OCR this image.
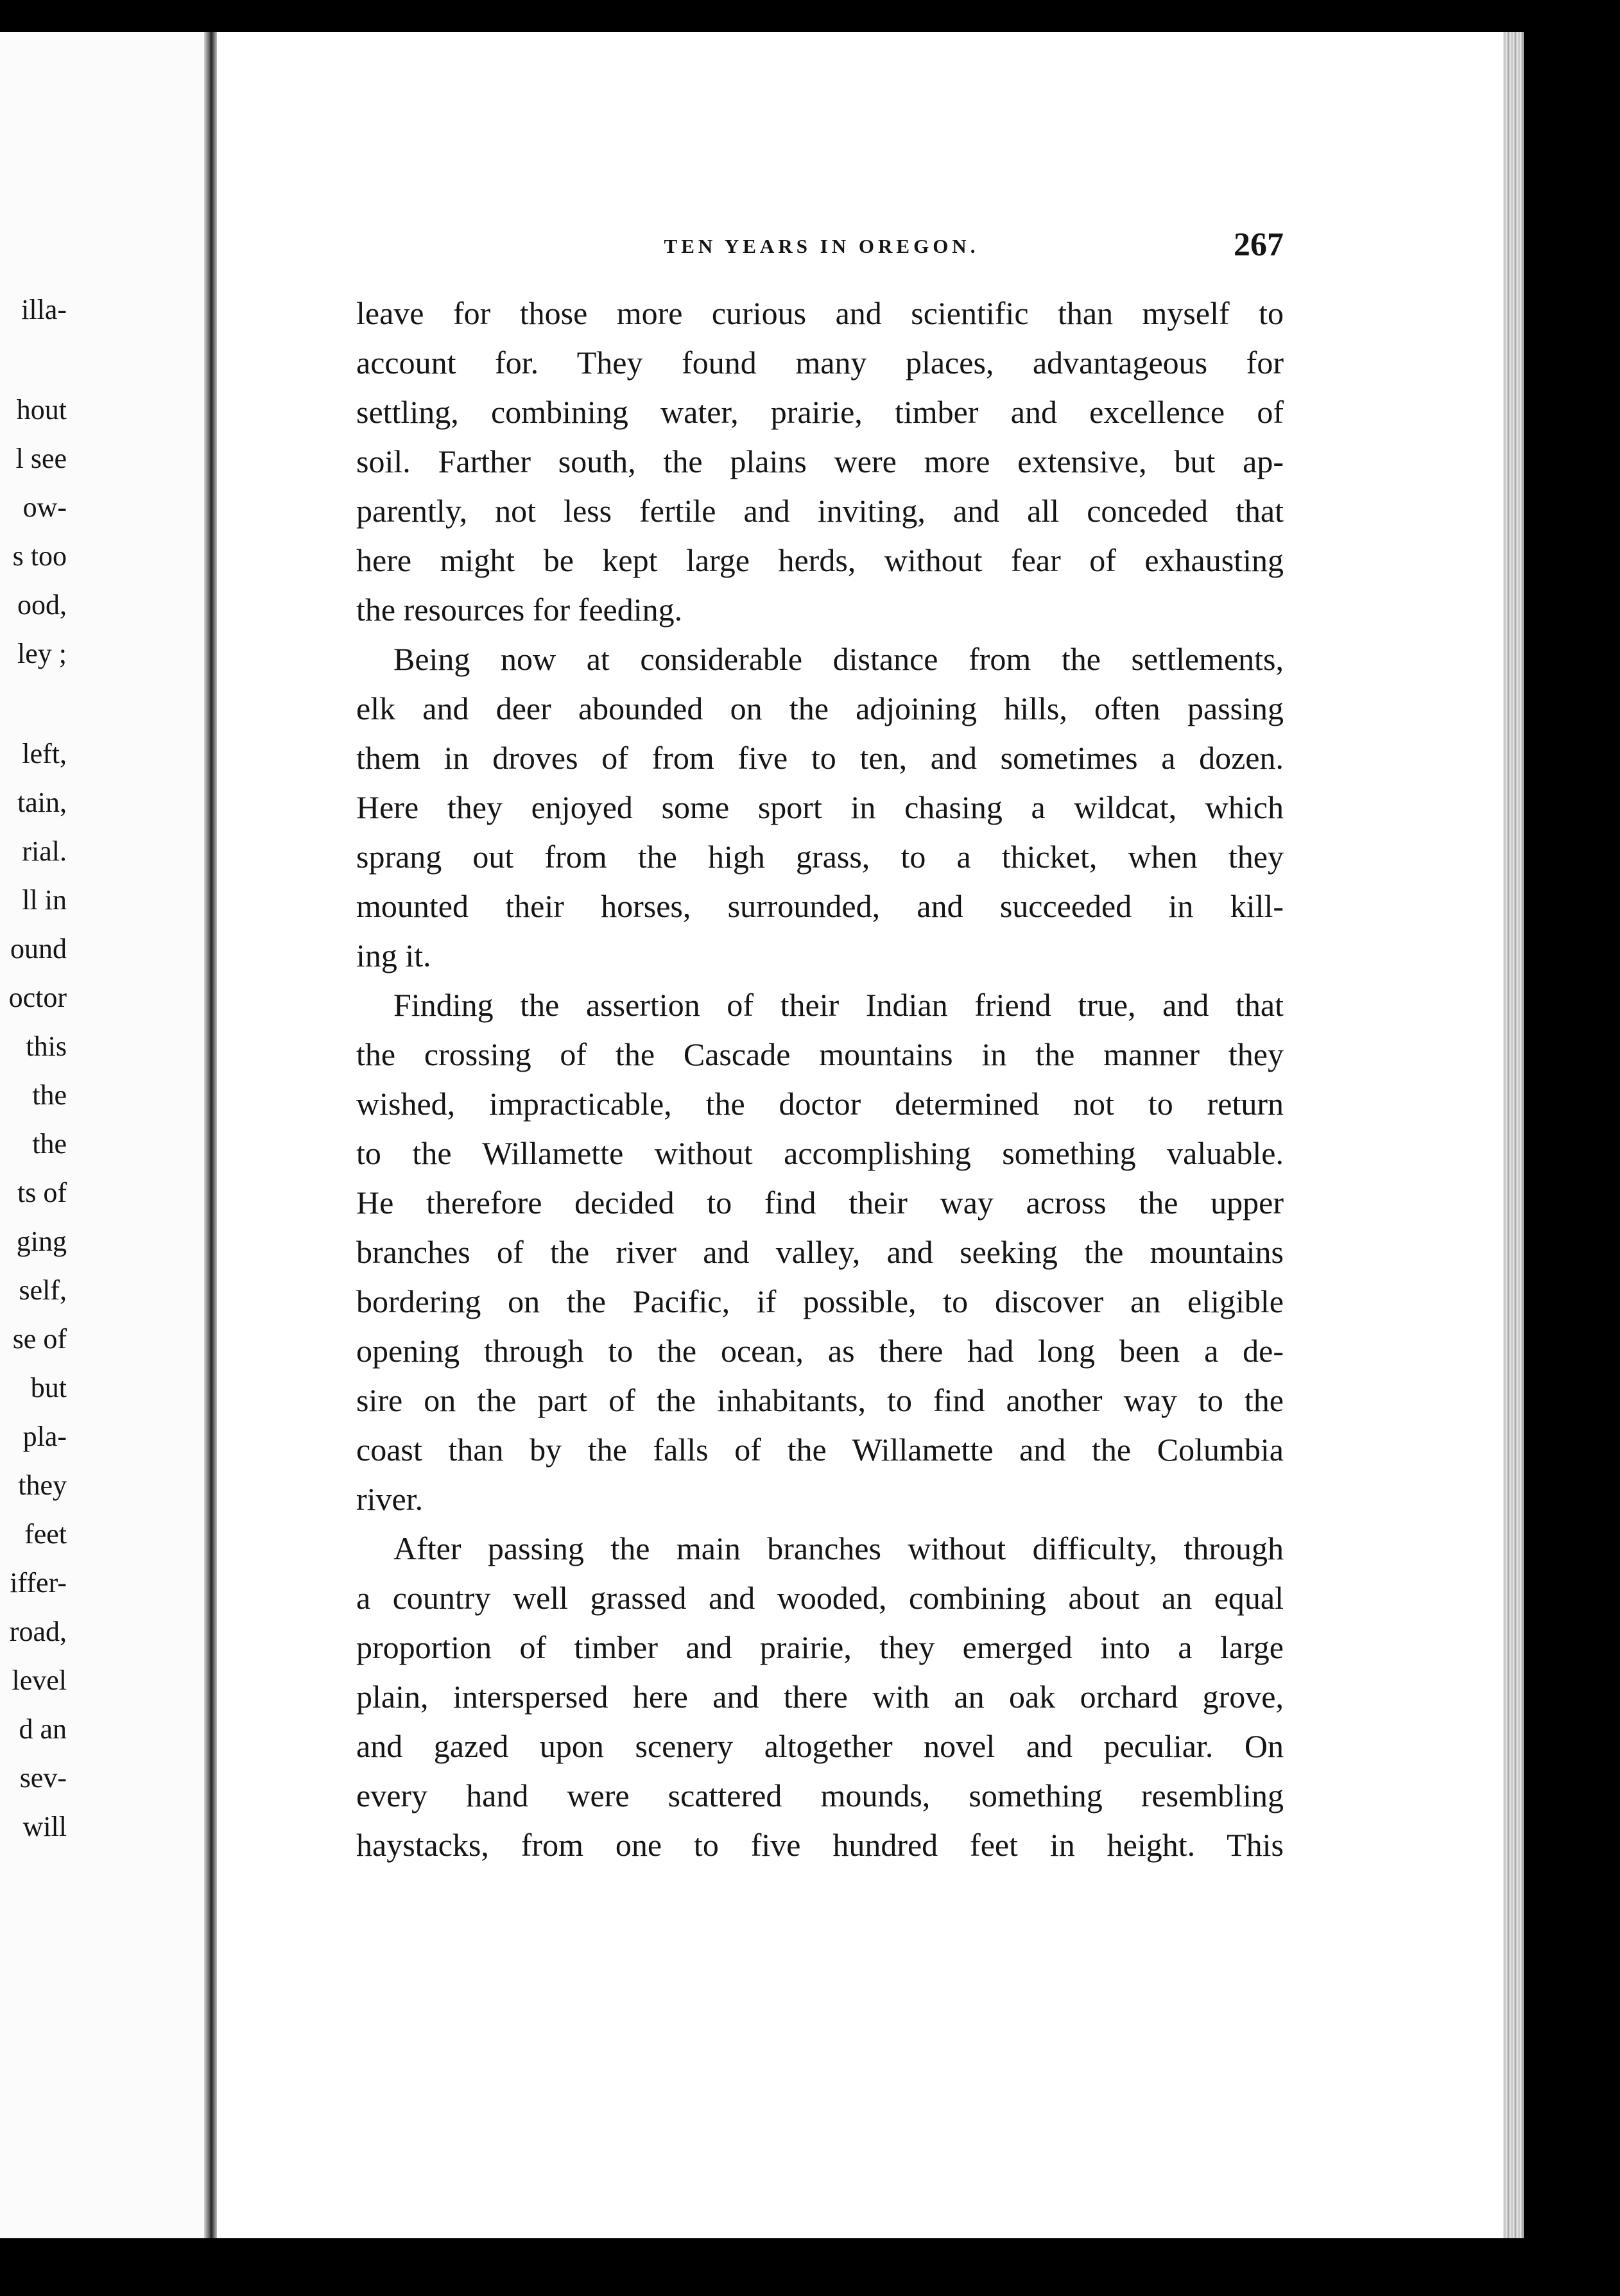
illa-
hout
l see
ow-
s too
ood,
ley ;
left,
tain,
rial.
ll in
ound
octor
this
the
the
ts of
ging
self,
se of
but
pla-
they
feet
iffer-
road,
level
d an
sev-
will
TEN YEARS IN OREGON.	267
leave for those more curious and scientific than myself to
account for. They found many places, advantageous for
settling, combining water, prairie, timber and excellence of
soil. Farther south, the plains were more extensive, but ap-
parently, not less fertile and inviting, and all conceded that
here might be kept large herds, without fear of exhausting
the resources for feeding.
Being now at considerable distance from the settlements,
elk and deer abounded on the adjoining hills, often passing
them in droves of from five to ten, and sometimes a dozen.
Here they enjoyed some sport in chasing a wildcat, which
sprang out from the high grass, to a thicket, when they
mounted their horses, surrounded, and succeeded in kill-
ing it.
Finding the assertion of their Indian friend true, and that
the crossing of the Cascade mountains in the manner they
wished, impracticable, the doctor determined not to return
to the Willamette without accomplishing something valuable.
He therefore decided to find their way across the upper
branches of the river and valley, and seeking the mountains
bordering on the Pacific, if possible, to discover an eligible
opening through to the ocean, as there had long been a de-
sire on the part of the inhabitants, to find another way to the
coast than by the falls of the Willamette and the Columbia
river.
After passing the main branches without difficulty, through
a country well grassed and wooded, combining about an equal
proportion of timber and prairie, they emerged into a large
plain, interspersed here and there with an oak orchard grove,
and gazed upon scenery altogether novel and peculiar. On
every hand were scattered mounds, something resembling
haystacks, from one to five hundred feet in height. This
